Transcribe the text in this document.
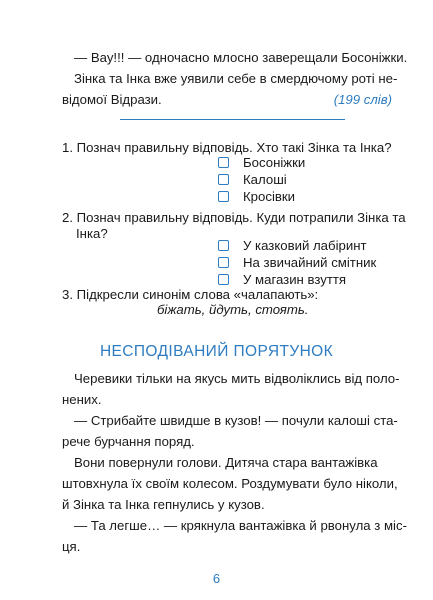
— Вау!!! — одночасно млосно заверещали Босоніжки.
Зінка та Інка вже уявили себе в смердючому роті не-
відомої Відрази.	(199 слів)
1. Познач правильну відповідь. Хто такі Зінка та Інка?
Босоніжки
Калоші
Кросівки
2. Познач правильну відповідь. Куди потрапили Зінка та
Інка?
У казковий лабіринт
На звичайний смітник
У магазин взуття
3. Підкресли синонім слова «чалапають»:
біжать, йдуть, стоять.
НЕСПОДІВАНИЙ ПОРЯТУНОК
Черевики тільки на якусь мить відволіклись від поло-
нених.
— Стрибайте швидше в кузов! — почули калоші ста-
рече бурчання поряд.
Вони повернули голови. Дитяча стара вантажівка
штовхнула їх своїм колесом. Роздумувати було ніколи,
й Зінка та Інка гепнулись у кузов.
— Та легше… — крякнула вантажівка й рвонула з міс-
ця.
6
